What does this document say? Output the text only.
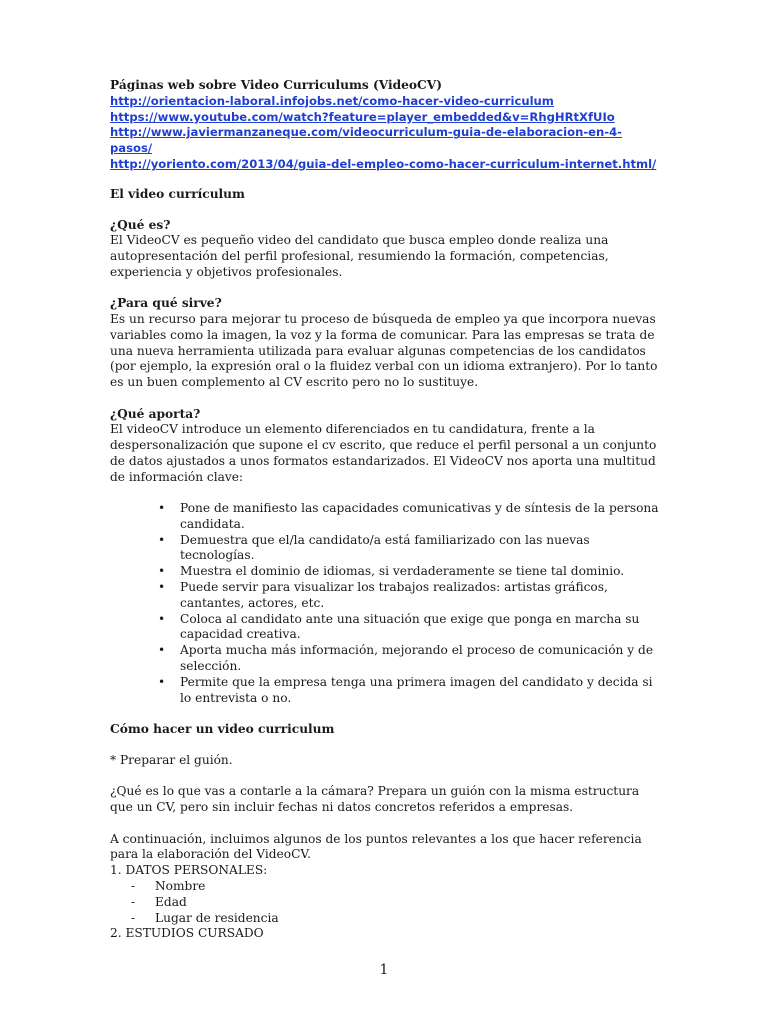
Páginas web sobre Video Curriculums (VideoCV)

http://orientacion-laboral.infojobs.net/como-hacer-video-curriculum
https://www.youtube.com/watch?feature=player_embedded&v=RhgHRtXfUIo
http://www.javiermanzaneque.com/videocurriculum-guia-de-elaboracion-en-4-pasos/
http://yoriento.com/2013/04/guia-del-empleo-como-hacer-curriculum-internet.html/

El video currículum

¿Qué es?

El VideoCV es pequeño video del candidato que busca empleo donde realiza una autopresentación del perfil profesional, resumiendo la formación, competencias, experiencia y objetivos profesionales.

¿Para qué sirve?

Es un recurso para mejorar tu proceso de búsqueda de empleo ya que incorpora nuevas variables como la imagen, la voz y la forma de comunicar. Para las empresas se trata de una nueva herramienta utilizada para evaluar algunas competencias de los candidatos (por ejemplo, la expresión oral o la fluidez verbal con un idioma extranjero). Por lo tanto es un buen complemento al CV escrito pero no lo sustituye.

¿Qué aporta?

El videoCV introduce un elemento diferenciados en tu candidatura, frente a la despersonalización que supone el cv escrito, que reduce el perfil personal a un conjunto de datos ajustados a unos formatos estandarizados. El VideoCV nos aporta una multitud de información clave:

• Pone de manifiesto las capacidades comunicativas y de síntesis de la persona candidata.
• Demuestra que el/la candidato/a está familiarizado con las nuevas tecnologías.
• Muestra el dominio de idiomas, si verdaderamente se tiene tal dominio.
• Puede servir para visualizar los trabajos realizados: artistas gráficos, cantantes, actores, etc.
• Coloca al candidato ante una situación que exige que ponga en marcha su capacidad creativa.
• Aporta mucha más información, mejorando el proceso de comunicación y de selección.
• Permite que la empresa tenga una primera imagen del candidato y decida si lo entrevista o no.

Cómo hacer un video curriculum

* Preparar el guión.

¿Qué es lo que vas a contarle a la cámara? Prepara un guión con la misma estructura que un CV, pero sin incluir fechas ni datos concretos referidos a empresas.

A continuación, incluimos algunos de los puntos relevantes a los que hacer referencia para la elaboración del VideoCV.

1. DATOS PERSONALES:

- Nombre
- Edad
- Lugar de residencia

2. ESTUDIOS CURSADO

1
